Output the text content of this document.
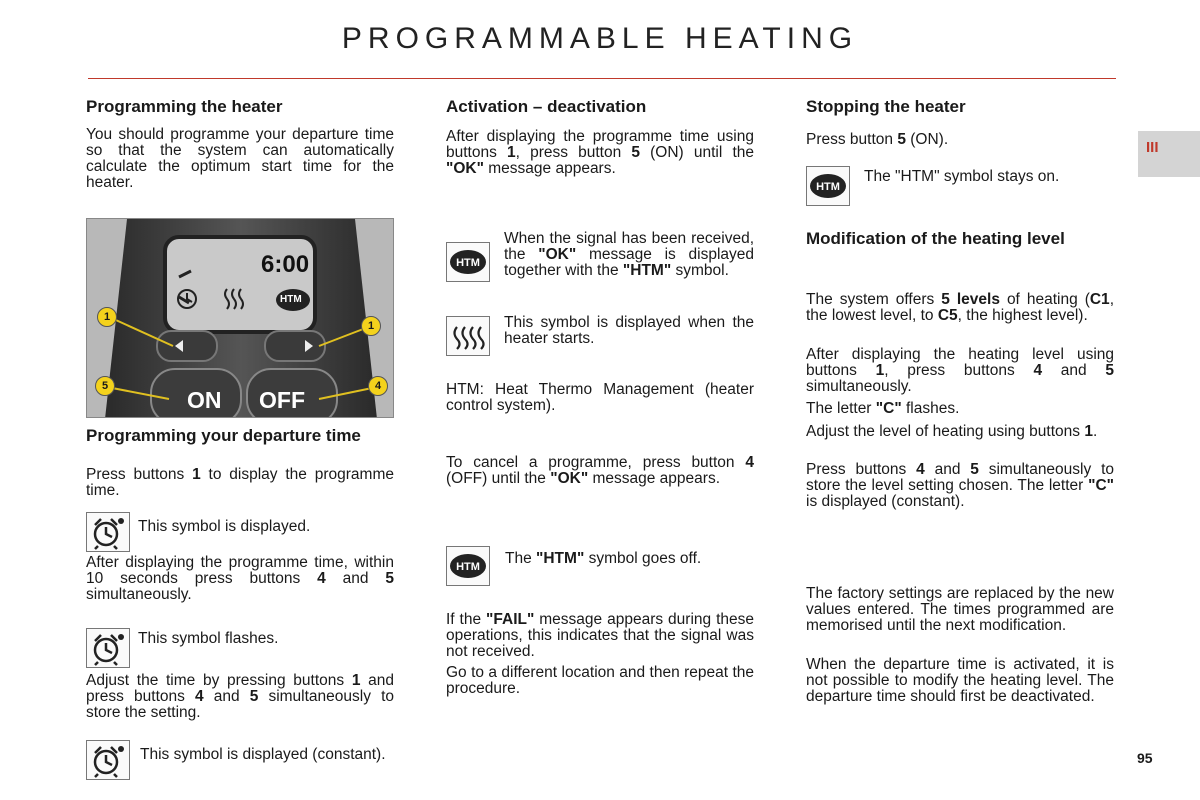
PROGRAMMABLE HEATING
III
Programming the heater

You should programme your departure time so that the system can automatically calculate the optimum start time for the heater.

6:00
HTM
ON OFF
1
1
5	4
Programming your departure time

Press buttons 1 to display the programme time.

This symbol is displayed.

After displaying the programme time, within 10 seconds press buttons 4 and 5 simultaneously.

This symbol flashes.

Adjust the time by pressing buttons 1 and press buttons 4 and 5 simultaneously to store the setting.

This symbol is displayed (constant).

Activation – deactivation

After displaying the programme time using buttons 1, press button 5 (ON) until the "OK" message appears.

HTM

When the signal has been received, the "OK" message is displayed together with the "HTM" symbol.

This symbol is displayed when the heater starts.

HTM: Heat Thermo Management (heater control system).

To cancel a programme, press button 4 (OFF) until the "OK" message appears.

HTM The "HTM" symbol goes off.

If the "FAIL" message appears during these operations, this indicates that the signal was not received.

Go to a different location and then repeat the procedure.

Stopping the heater

Press button 5 (ON).

HTM

The "HTM" symbol stays on.

Modification of the heating level

The system offers 5 levels of heating (C1, the lowest level, to C5, the highest level).

After displaying the heating level using buttons 1, press buttons 4 and 5 simultaneously.

The letter "C" flashes.

Adjust the level of heating using buttons 1.

Press buttons 4 and 5 simultaneously to store the level setting chosen. The letter "C" is displayed (constant).

The factory settings are replaced by the new values entered. The times programmed are memorised until the next modification.

When the departure time is activated, it is not possible to modify the heating level. The departure time should first be deactivated.

95
